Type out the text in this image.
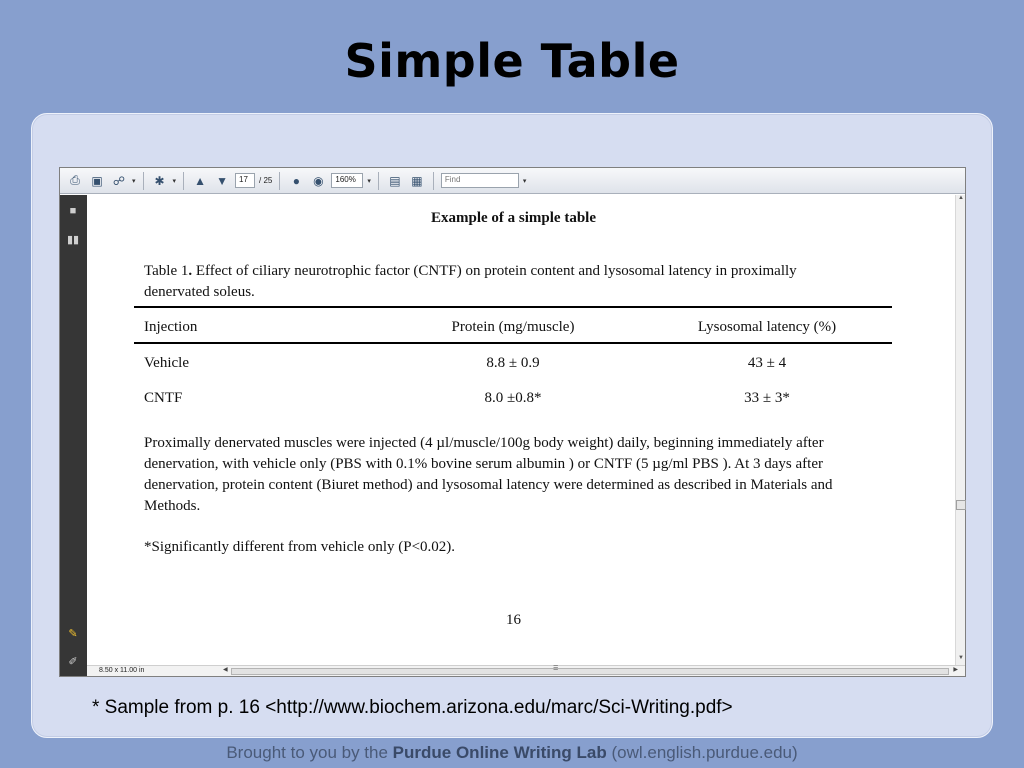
Simple Table
⎙ ▣ ☍ ▾	✱	▾ ▲ ▼	17	/ 25	●	◉	160%	▾ ▤ ▦	Find	▾
■
▮▮
✎
✐
Example of a simple table
Table 1. Effect of ciliary neurotrophic factor (CNTF) on protein content and lysosomal latency in proximally denervated soleus.
Injection	Protein (mg/muscle)	Lysosomal latency (%)
Vehicle	8.8 ± 0.9	43 ± 4
CNTF	8.0 ±0.8*	33 ± 3*
Proximally denervated muscles were injected (4 µl/muscle/100g body weight) daily, beginning immediately after denervation, with vehicle only (PBS with 0.1% bovine serum albumin ) or CNTF (5 µg/ml PBS ). At 3 days after denervation, protein content (Biuret method) and lysosomal latency were determined as described in Materials and Methods.
*Significantly different from vehicle only (P<0.02).
16
▲
▼
8.50 x 11.00 in	◀	☰	▶
* Sample from p. 16 <http://www.biochem.arizona.edu/marc/Sci-Writing.pdf>
Brought to you by the Purdue Online Writing Lab (owl.english.purdue.edu)
